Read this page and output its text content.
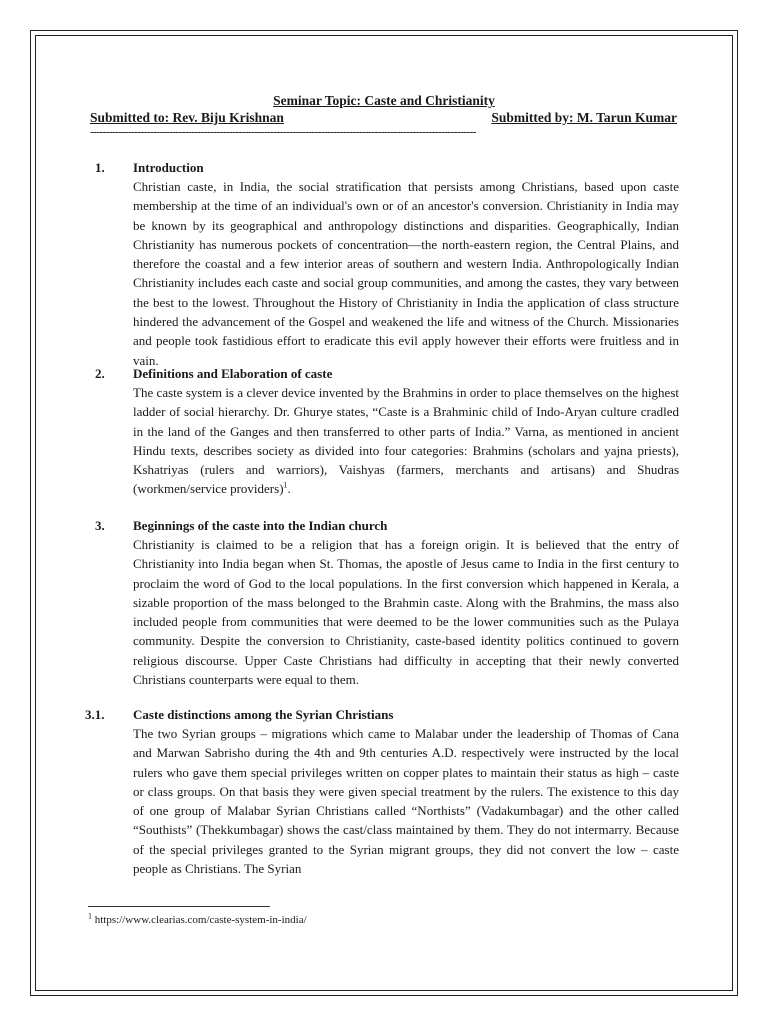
Seminar Topic: Caste and Christianity
Submitted to: Rev. Biju Krishnan	Submitted by: M. Tarun Kumar
--------------------------------------------------------------------------------------------------------------------------
1. Introduction
Christian caste, in India, the social stratification that persists among Christians, based upon caste membership at the time of an individual's own or of an ancestor's conversion. Christianity in India may be known by its geographical and anthropology distinctions and disparities. Geographically, Indian Christianity has numerous pockets of concentration—the north-eastern region, the Central Plains, and therefore the coastal and a few interior areas of southern and western India. Anthropologically Indian Christianity includes each caste and social group communities, and among the castes, they vary between the best to the lowest. Throughout the History of Christianity in India the application of class structure hindered the advancement of the Gospel and weakened the life and witness of the Church. Missionaries and people took fastidious effort to eradicate this evil apply however their efforts were fruitless and in vain.
2. Definitions and Elaboration of caste
The caste system is a clever device invented by the Brahmins in order to place themselves on the highest ladder of social hierarchy. Dr. Ghurye states, “Caste is a Brahminic child of Indo-Aryan culture cradled in the land of the Ganges and then transferred to other parts of India.” Varna, as mentioned in ancient Hindu texts, describes society as divided into four categories: Brahmins (scholars and yajna priests), Kshatriyas (rulers and warriors), Vaishyas (farmers, merchants and artisans) and Shudras (workmen/service providers)$^1$.
3. Beginnings of the caste into the Indian church
Christianity is claimed to be a religion that has a foreign origin. It is believed that the entry of Christianity into India began when St. Thomas, the apostle of Jesus came to India in the first century to proclaim the word of God to the local populations. In the first conversion which happened in Kerala, a sizable proportion of the mass belonged to the Brahmin caste. Along with the Brahmins, the mass also included people from communities that were deemed to be the lower communities such as the Pulaya community. Despite the conversion to Christianity, caste-based identity politics continued to govern religious discourse. Upper Caste Christians had difficulty in accepting that their newly converted Christians counterparts were equal to them.
3.1. Caste distinctions among the Syrian Christians
The two Syrian groups – migrations which came to Malabar under the leadership of Thomas of Cana and Marwan Sabrisho during the 4th and 9th centuries A.D. respectively were instructed by the local rulers who gave them special privileges written on copper plates to maintain their status as high – caste or class groups. On that basis they were given special treatment by the rulers. The existence to this day of one group of Malabar Syrian Christians called “Northists” (Vadakumbagar) and the other called “Southists” (Thekkumbagar) shows the cast/class maintained by them. They do not intermarry. Because of the special privileges granted to the Syrian migrant groups, they did not convert the low – caste people as Christians. The Syrian
$^1$ https://www.clearias.com/caste-system-in-india/
